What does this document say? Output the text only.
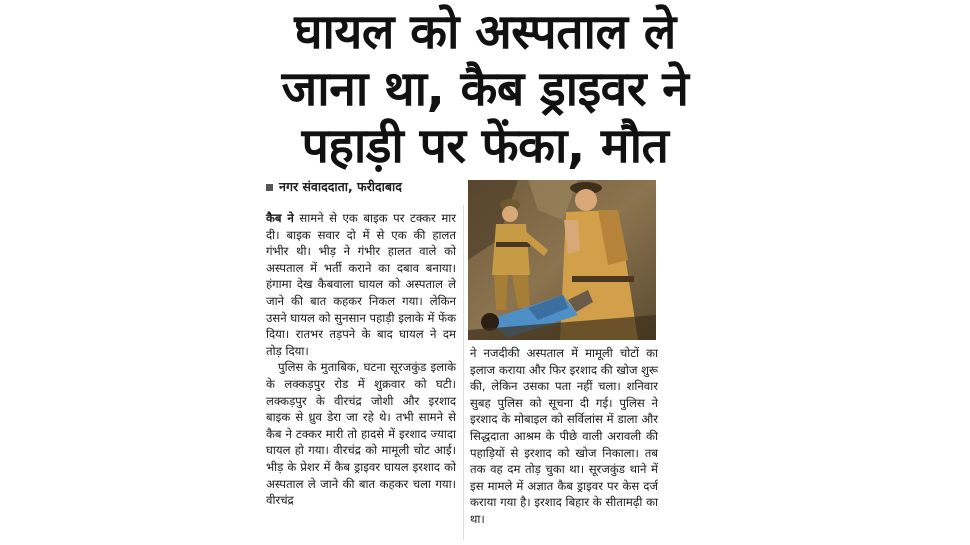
घायल को अस्पताल ले
जाना था, कैब ड्राइवर ने
पहाड़ी पर फेंका, मौत
नगर संवाददाता, फरीदाबाद

कैब ने सामने से एक बाइक पर टक्कर मार दी। बाइक सवार दो में से एक की हालत गंभीर थी। भीड़ ने गंभीर हालत वाले को अस्पताल में भर्ती कराने का दबाव बनाया। हंगामा देख कैबवाला घायल को अस्पताल ले जाने की बात कहकर निकल गया। लेकिन उसने घायल को सुनसान पहाड़ी इलाके में फेंक दिया। रातभर तड़पने के बाद घायल ने दम तोड़ दिया।

पुलिस के मुताबिक, घटना सूरजकुंड इलाके के लक्कड़पुर रोड में शुक्रवार को घटी। लक्कड़पुर के वीरचंद्र जोशी और इरशाद बाइक से ध्रुव डेरा जा रहे थे। तभी सामने से कैब ने टक्कर मारी तो हादसे में इरशाद ज्यादा घायल हो गया। वीरचंद्र को मामूली चोट आई। भीड़ के प्रेशर में कैब ड्राइवर घायल इरशाद को अस्पताल ले जाने की बात कहकर चला गया। वीरचंद्र

ने नजदीकी अस्पताल में मामूली चोटों का इलाज कराया और फिर इरशाद की खोज शुरू की, लेकिन उसका पता नहीं चला। शनिवार सुबह पुलिस को सूचना दी गई। पुलिस ने इरशाद के मोबाइल को सर्विलांस में डाला और सिद्धदाता आश्रम के पीछे वाली अरावली की पहाड़ियों से इरशाद को खोज निकाला। तब तक वह दम तोड़ चुका था। सूरजकुंड थाने में इस मामले में अज्ञात कैब ड्राइवर पर केस दर्ज कराया गया है। इरशाद बिहार के सीतामढ़ी का था।
